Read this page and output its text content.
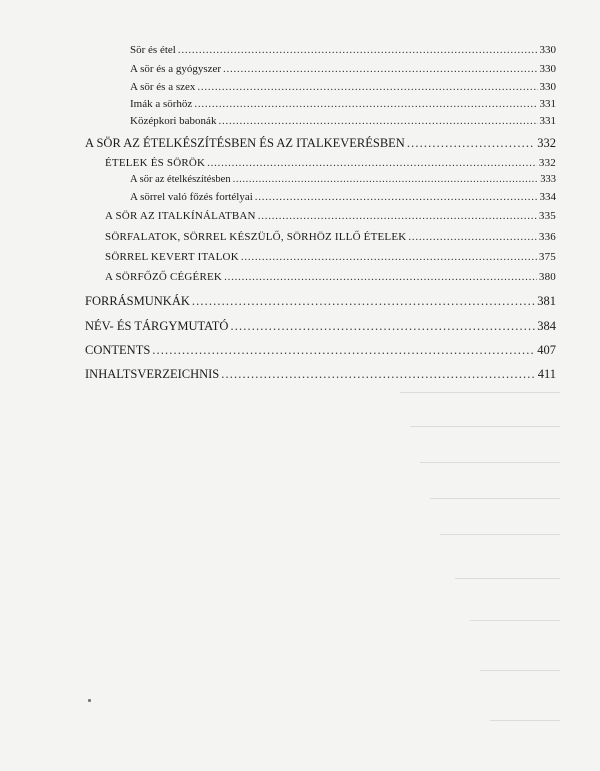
Sör és étel . . .	330
A sör és a gyógyszer . . .	330
A sör és a szex . . .	330
Imák a sörhöz . . .	331
Középkori babonák . . .	331
A SÖR AZ ÉTELKÉSZÍTÉSBEN ÉS AZ ITALKEVERÉSBEN . . .	332
ÉTELEK ÉS SÖRÖK . . .	332
A sör az ételkészítésben . . .	333
A sörrel való főzés fortélyai . . .	334
A SÖR AZ ITALKÍNÁLATBAN . . .	335
SÖRFALATOK, SÖRREL KÉSZÜLŐ, SÖRHÖZ ILLŐ ÉTELEK . . .	336
SÖRREL KEVERT ITALOK . . .	375
A SÖRFŐZŐ CÉGÉREK . . .	380
FORRÁSMUNKÁK . . .	381
NÉV- ÉS TÁRGYMUTATÓ . . .	384
CONTENTS . . .	407
INHALTSVERZEICHNIS . . .	411
